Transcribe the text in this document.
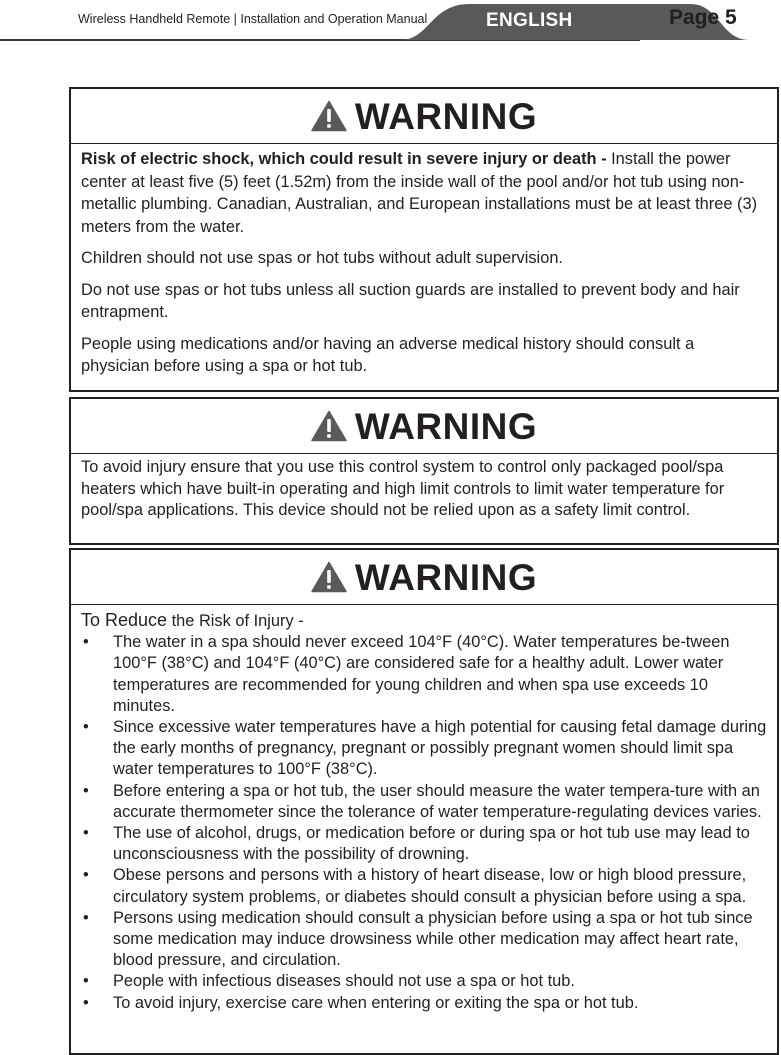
Wireless Handheld Remote | Installation and Operation Manual	ENGLISH	Page 5
WARNING

Risk of electric shock, which could result in severe injury or death - Install the power center at least five (5) feet (1.52m) from the inside wall of the pool and/or hot tub using non-metallic plumbing. Canadian, Australian, and European installations must be at least three (3) meters from the water.

Children should not use spas or hot tubs without adult supervision.

Do not use spas or hot tubs unless all suction guards are installed to prevent body and hair entrapment.

People using medications and/or having an adverse medical history should consult a physician before using a spa or hot tub.

WARNING

To avoid injury ensure that you use this control system to control only packaged pool/spa heaters which have built-in operating and high limit controls to limit water temperature for pool/spa applications. This device should not be relied upon as a safety limit control.

WARNING
To Reduce the Risk of Injury -
• The water in a spa should never exceed 104°F (40°C). Water temperatures be-tween 100°F (38°C) and 104°F (40°C) are considered safe for a healthy adult. Lower water temperatures are recommended for young children and when spa use exceeds 10 minutes.
• Since excessive water temperatures have a high potential for causing fetal damage during the early months of pregnancy, pregnant or possibly pregnant women should limit spa water temperatures to 100°F (38°C).
• Before entering a spa or hot tub, the user should measure the water tempera-ture with an accurate thermometer since the tolerance of water temperature-regulating devices varies.
• The use of alcohol, drugs, or medication before or during spa or hot tub use may lead to unconsciousness with the possibility of drowning.
• Obese persons and persons with a history of heart disease, low or high blood pressure, circulatory system problems, or diabetes should consult a physician before using a spa.
• Persons using medication should consult a physician before using a spa or hot tub since some medication may induce drowsiness while other medication may affect heart rate, blood pressure, and circulation.
• People with infectious diseases should not use a spa or hot tub.
• To avoid injury, exercise care when entering or exiting the spa or hot tub.
